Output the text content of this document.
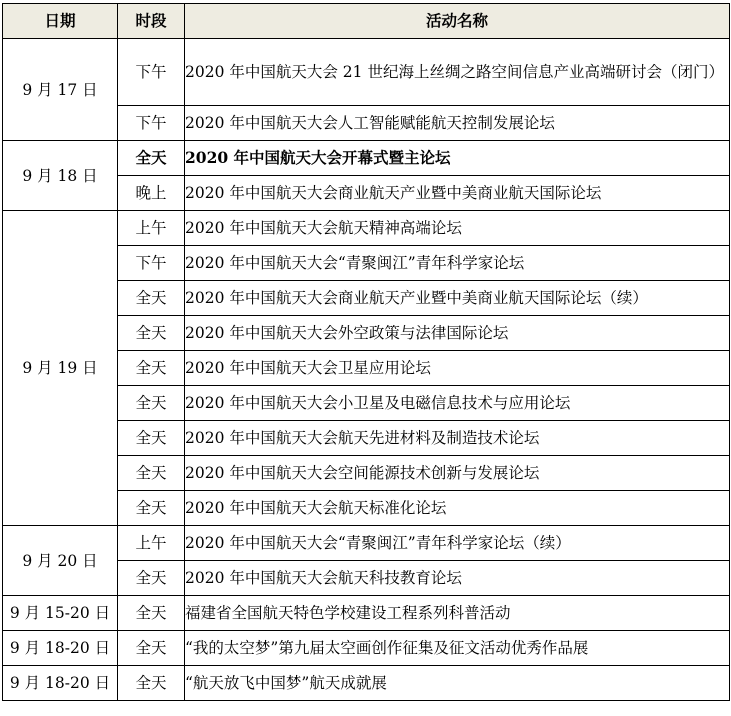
日期	时段	活动名称
9 月 17 日	下午	2020 年中国航天大会 21 世纪海上丝绸之路空间信息产业高端研讨会（闭门）
	下午	2020 年中国航天大会人工智能赋能航天控制发展论坛
9 月 18 日	全天	2020 年中国航天大会开幕式暨主论坛
	晚上	2020 年中国航天大会商业航天产业暨中美商业航天国际论坛
9 月 19 日	上午	2020 年中国航天大会航天精神高端论坛
	下午	2020 年中国航天大会“青聚闽江”青年科学家论坛
	全天	2020 年中国航天大会商业航天产业暨中美商业航天国际论坛（续）
	全天	2020 年中国航天大会外空政策与法律国际论坛
	全天	2020 年中国航天大会卫星应用论坛
	全天	2020 年中国航天大会小卫星及电磁信息技术与应用论坛
	全天	2020 年中国航天大会航天先进材料及制造技术论坛
	全天	2020 年中国航天大会空间能源技术创新与发展论坛
	全天	2020 年中国航天大会航天标准化论坛
9 月 20 日	上午	2020 年中国航天大会“青聚闽江”青年科学家论坛（续）
	全天	2020 年中国航天大会航天科技教育论坛
9 月 15-20 日	全天	福建省全国航天特色学校建设工程系列科普活动
9 月 18-20 日	全天	“我的太空梦”第九届太空画创作征集及征文活动优秀作品展
9 月 18-20 日	全天	“航天放飞中国梦”航天成就展
